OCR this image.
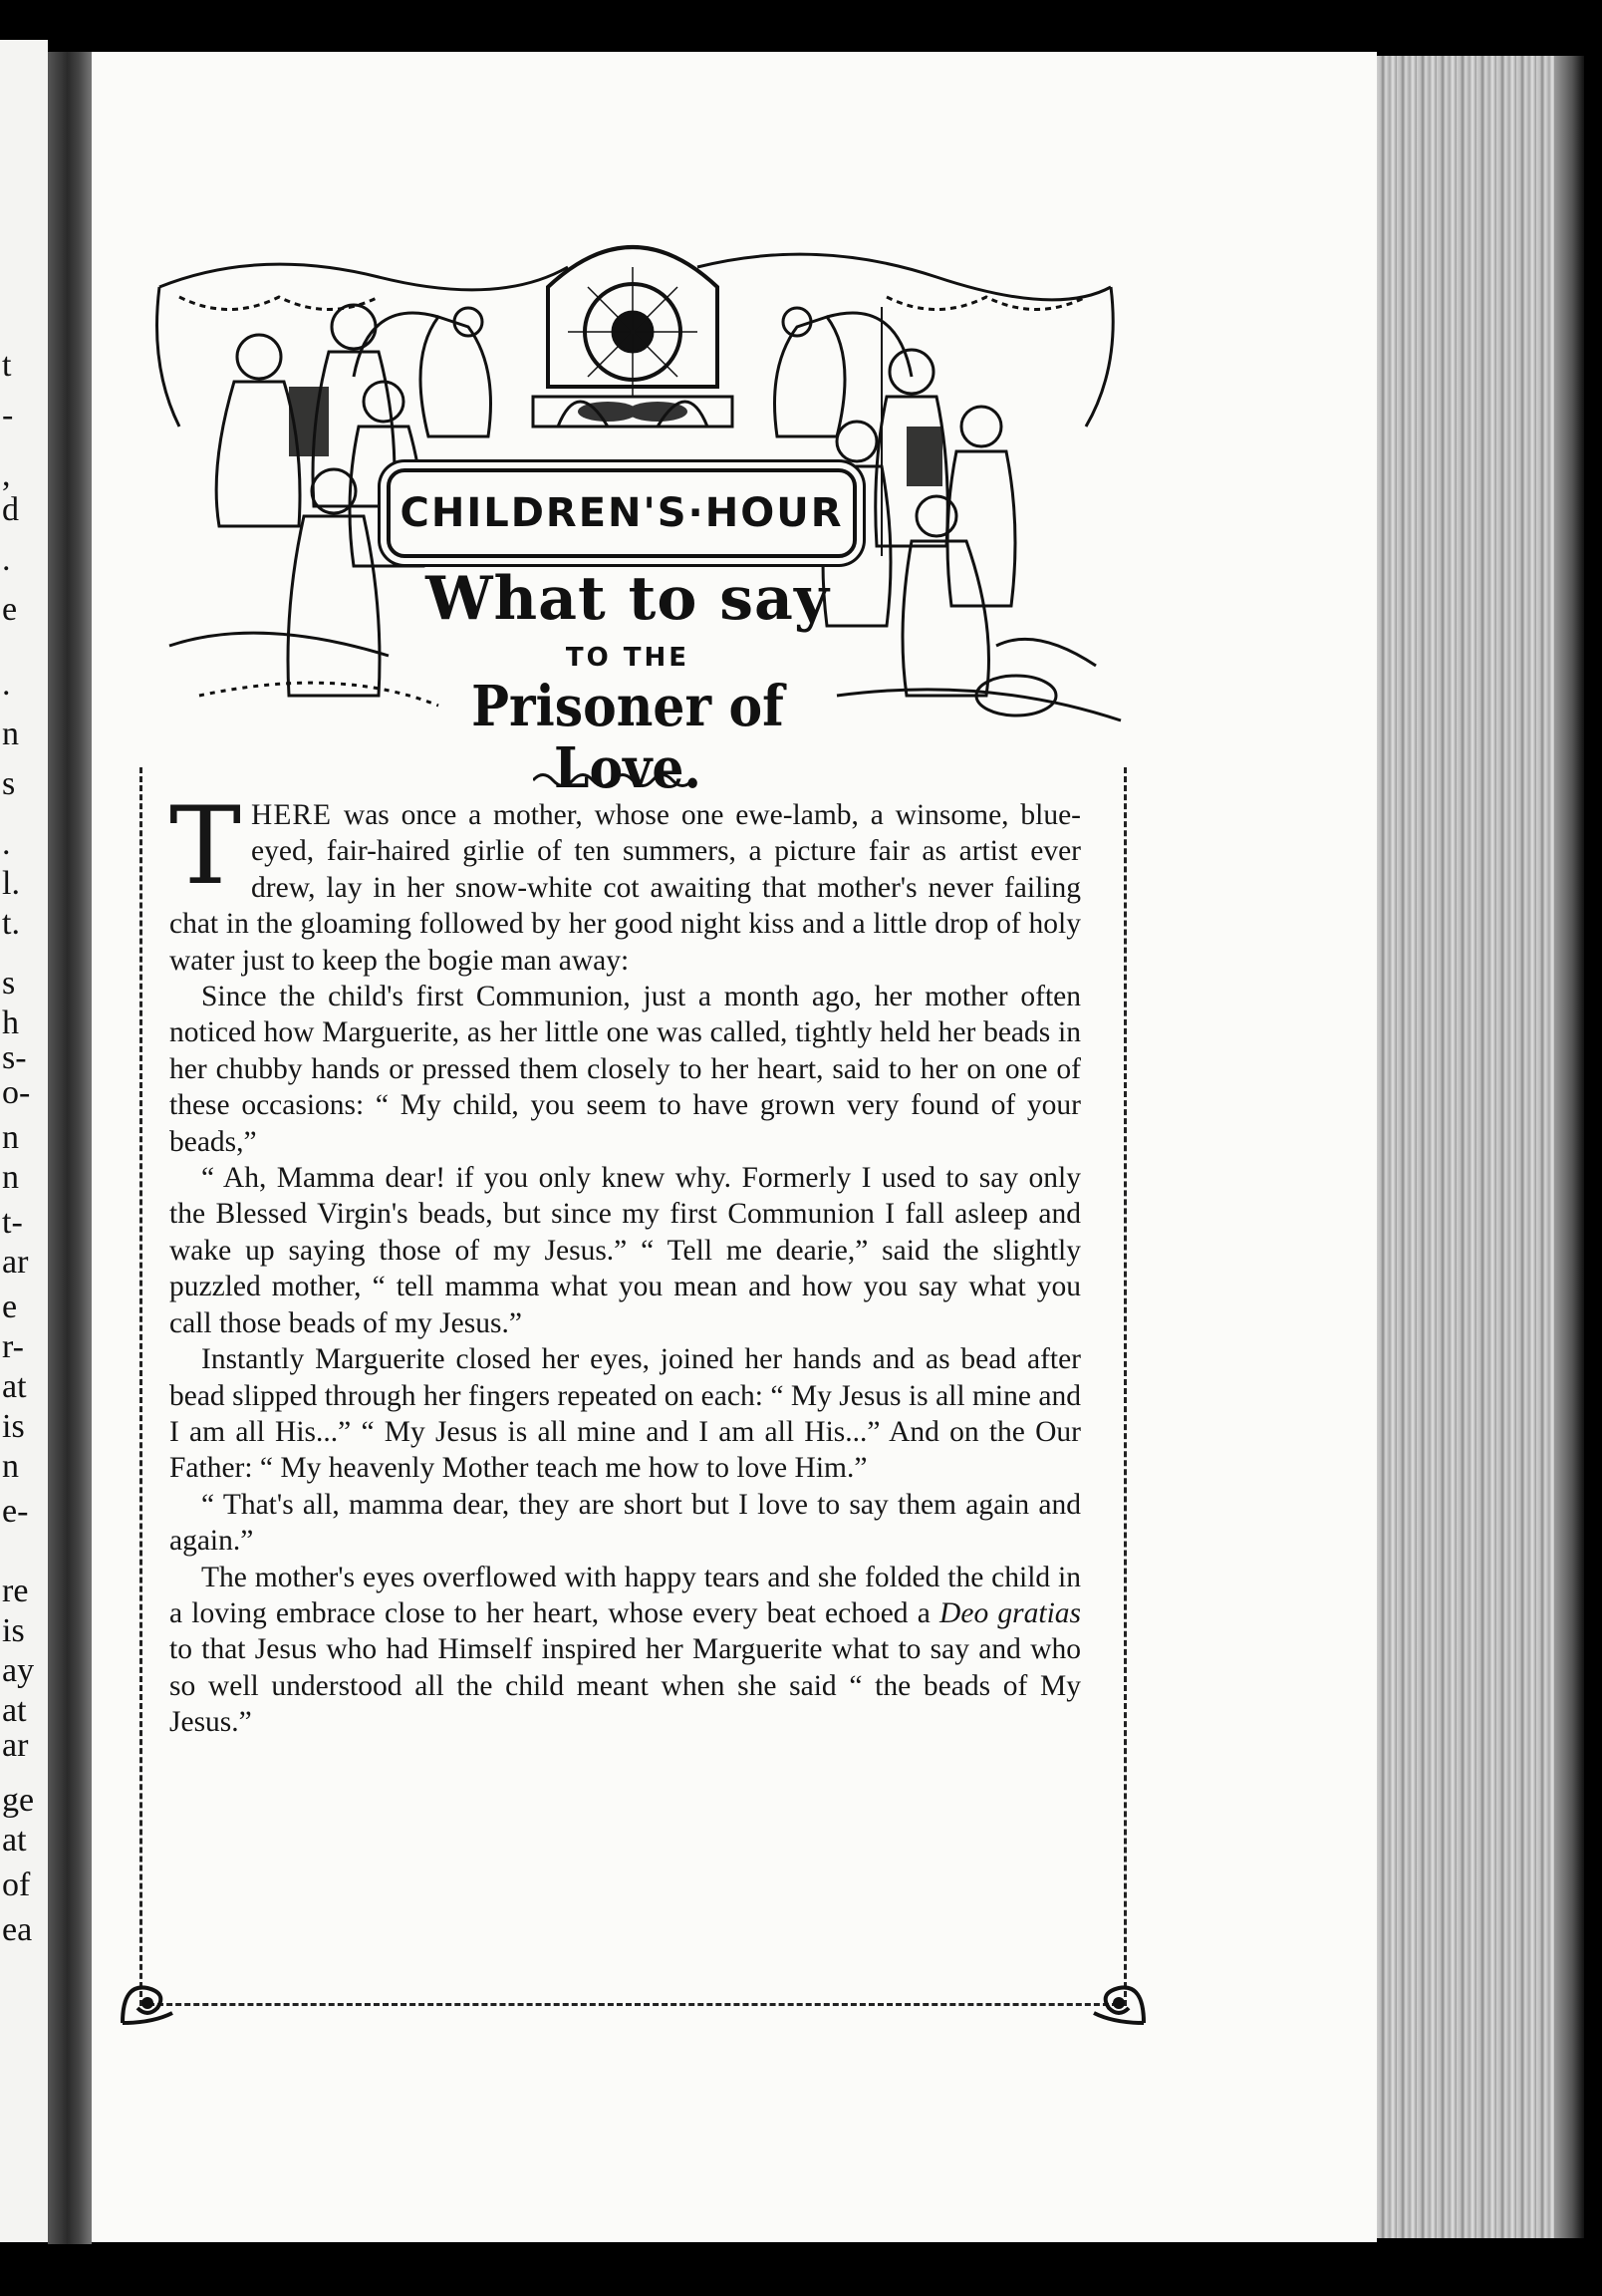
t
-
,
d
.
e
.
n
s
.
l.
t.
s
h
s-
o-
n
n
t-
ar
e
r-
at
is
n
e-
re
is
ay
at
ar
ge
at
of
ea
CHILDREN'S·HOUR
What to say
TO THE
Prisoner of Love.

THERE was once a mother, whose one ewe-lamb, a winsome, blue-eyed, fair-haired girlie of ten summers, a picture fair as artist ever drew, lay in her snow-white cot awaiting that mother's never failing chat in the gloaming followed by her good night kiss and a little drop of holy water just to keep the bogie man away:

Since the child's first Communion, just a month ago, her mother often noticed how Marguerite, as her little one was called, tightly held her beads in her chubby hands or pressed them closely to her heart, said to her on one of these occasions: “ My child, you seem to have grown very found of your beads,”

“ Ah, Mamma dear! if you only knew why. Formerly I used to say only the Blessed Virgin's beads, but since my first Communion I fall asleep and wake up saying those of my Jesus.” “ Tell me dearie,” said the slightly puzzled mother, “ tell mamma what you mean and how you say what you call those beads of my Jesus.”

Instantly Marguerite closed her eyes, joined her hands and as bead after bead slipped through her fingers repeated on each: “ My Jesus is all mine and I am all His...” “ My Jesus is all mine and I am all His...” And on the Our Father: “ My heavenly Mother teach me how to love Him.”

“ That's all, mamma dear, they are short but I love to say them again and again.”

The mother's eyes overflowed with happy tears and she folded the child in a loving embrace close to her heart, whose every beat echoed a Deo gratias to that Jesus who had Himself inspired her Marguerite what to say and who so well understood all the child meant when she said “ the beads of My Jesus.”
